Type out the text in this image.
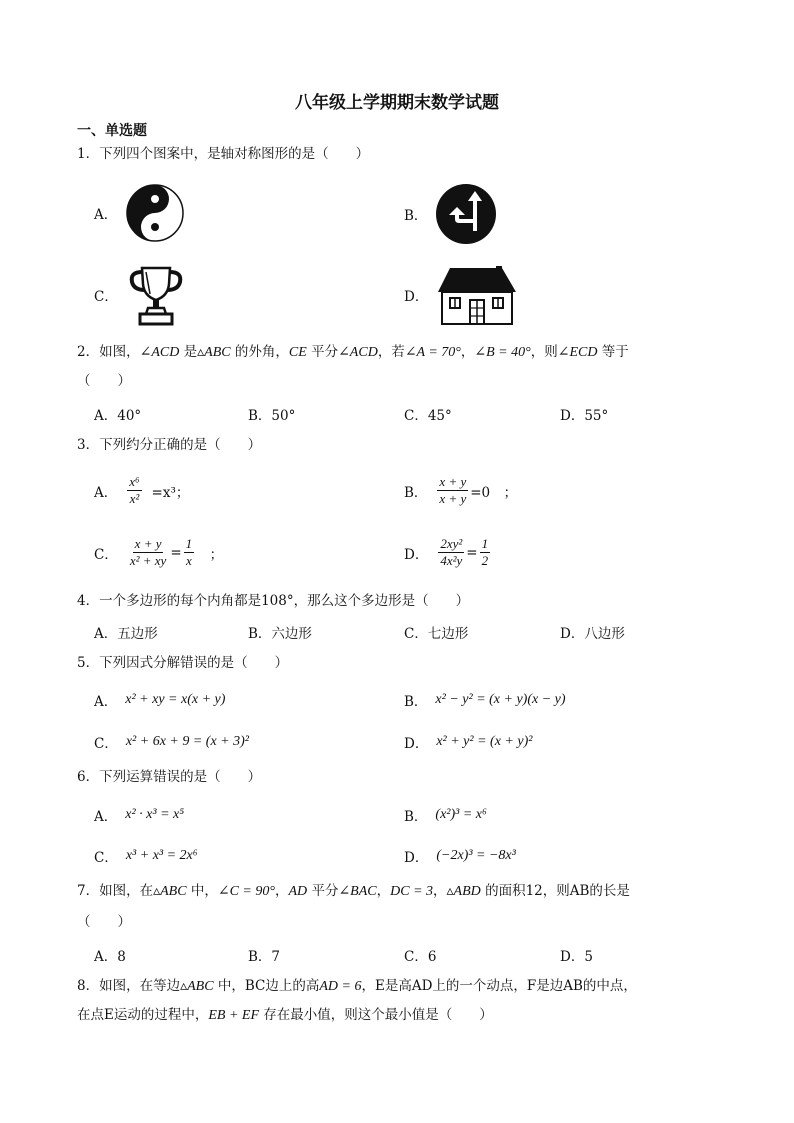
八年级上学期期末数学试题
一、单选题
1．下列四个图案中，是轴对称图形的是（　　）
A．	B．
C．	D．
2．如图，∠ACD 是▵ABC 的外角，CE 平分∠ACD，若∠A = 70°，∠B = 40°，则∠ECD 等于
（　　）
A．40°	B．50°	C．45°	D．55°
3．下列约分正确的是（　　）
A． $\frac{\text{x⁶}}{\text{x²}} =x^3$；	B． $\frac{x + y}{x + y} =0$　；
C． $\frac{x + y}{\text{x² + xy}} = \frac{1}{x}$ 　；	D． $\frac{\text{2xy²}}{\text{4x²y}} = \frac{1}{2}$
4．一个多边形的每个内角都是108°，那么这个多边形是（　　）
A．五边形	B．六边形	C．七边形	D．八边形
5．下列因式分解错误的是（　　）
A． x² + xy = x(x + y)	B． x² − y² = (x + y)(x − y)
C． x² + 6x + 9 = (x + 3)²	D． x² + y² = (x + y)²
6．下列运算错误的是（　　）
A． x² · x³ = x⁵	B． (x²)³ = x⁶
C． x³ + x³ = 2x⁶	D． (−2x)³ = −8x³
7．如图，在▵ABC 中，∠C = 90°，AD 平分∠BAC，DC = 3，▵ABD 的面积12，则AB的长是
（　　）
A．8	B．7	C．6	D．5
8．如图，在等边▵ABC 中，BC边上的高AD = 6，E是高AD上的一个动点，F是边AB的中点，
在点E运动的过程中，EB + EF 存在最小值，则这个最小值是（　　）
